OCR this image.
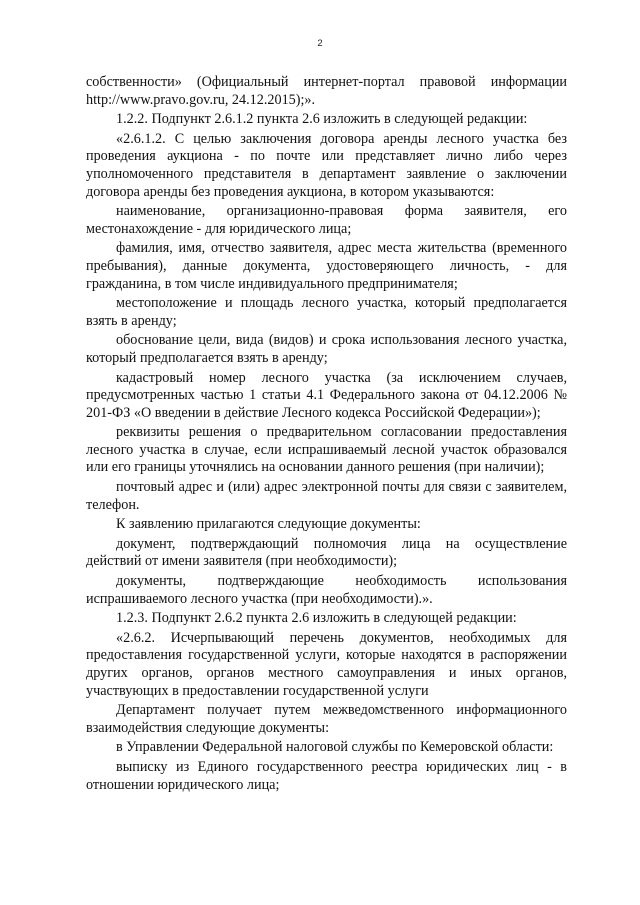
2

собственности» (Официальный интернет-портал правовой информации http://www.pravo.gov.ru, 24.12.2015);».

1.2.2. Подпункт 2.6.1.2 пункта 2.6 изложить в следующей редакции:

«2.6.1.2. С целью заключения договора аренды лесного участка без проведения аукциона - по почте или представляет лично либо через уполномоченного представителя в департамент заявление о заключении договора аренды без проведения аукциона, в котором указываются:

наименование, организационно-правовая форма заявителя, его местонахождение - для юридического лица;

фамилия, имя, отчество заявителя, адрес места жительства (временного пребывания), данные документа, удостоверяющего личность, - для гражданина, в том числе индивидуального предпринимателя;

местоположение и площадь лесного участка, который предполагается взять в аренду;

обоснование цели, вида (видов) и срока использования лесного участка, который предполагается взять в аренду;

кадастровый номер лесного участка (за исключением случаев, предусмотренных частью 1 статьи 4.1 Федерального закона от 04.12.2006 № 201-ФЗ «О введении в действие Лесного кодекса Российской Федерации»);

реквизиты решения о предварительном согласовании предоставления лесного участка в случае, если испрашиваемый лесной участок образовался или его границы уточнялись на основании данного решения (при наличии);

почтовый адрес и (или) адрес электронной почты для связи с заявителем, телефон.

К заявлению прилагаются следующие документы:

документ, подтверждающий полномочия лица на осуществление действий от имени заявителя (при необходимости);

документы, подтверждающие необходимость использования испрашиваемого лесного участка (при необходимости).».

1.2.3. Подпункт 2.6.2 пункта 2.6 изложить в следующей редакции:

«2.6.2. Исчерпывающий перечень документов, необходимых для предоставления государственной услуги, которые находятся в распоряжении других органов, органов местного самоуправления и иных органов, участвующих в предоставлении государственной услуги

Департамент получает путем межведомственного информационного взаимодействия следующие документы:

в Управлении Федеральной налоговой службы по Кемеровской области:

выписку из Единого государственного реестра юридических лиц - в отношении юридического лица;
